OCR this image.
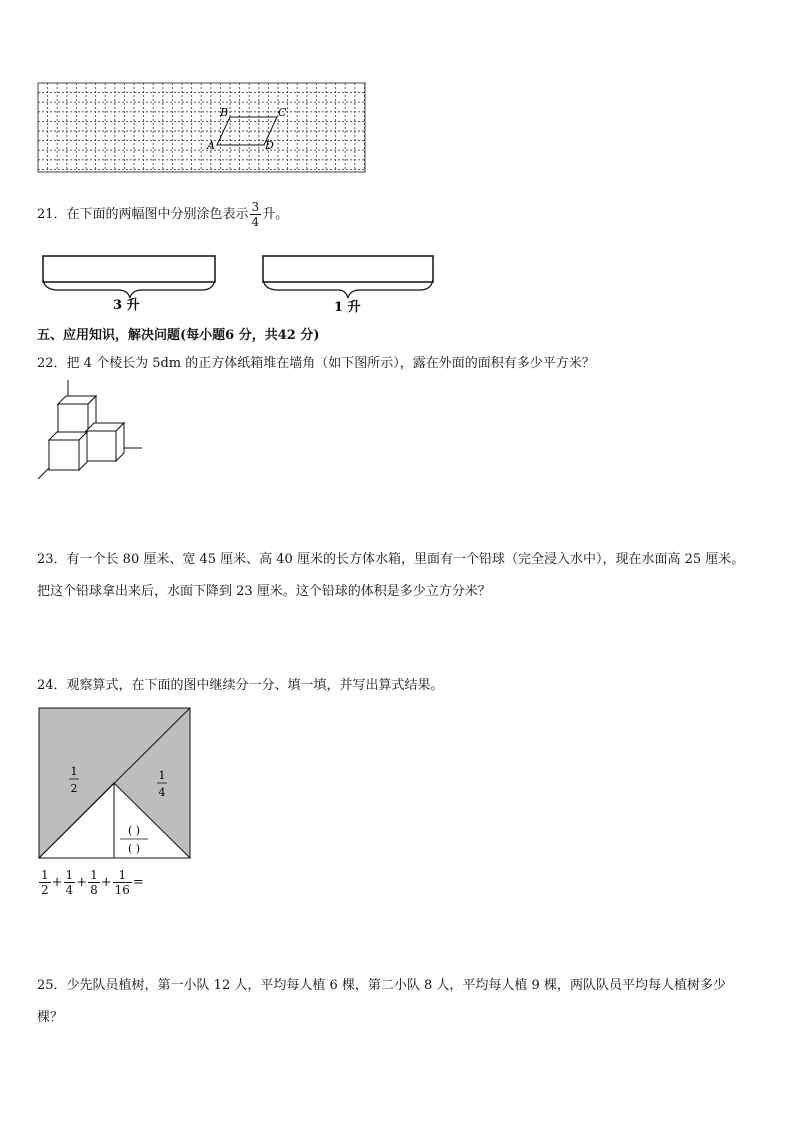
B	C
A	D
21．在下面的两幅图中分别涂色表示 $\frac{3}{4}$ 升。
3 升	1 升
五、应用知识，解决问题(每小题6 分，共42 分)
22．把 4 个棱长为 5dm 的正方体纸箱堆在墙角（如下图所示），露在外面的面积有多少平方米？
23．有一个长 80 厘米、宽 45 厘米、高 40 厘米的长方体水箱，里面有一个铅球（完全浸入水中），现在水面高 25 厘米。
把这个铅球拿出来后，水面下降到 23 厘米。这个铅球的体积是多少立方分米？
24．观察算式，在下面的图中继续分一分、填一填，并写出算式结果。
1
2
1
4
( )
( )
$\frac{1}{2} + \frac{1}{4} + \frac{1}{8} + \frac{1}{16}$ =
25．少先队员植树，第一小队 12 人，平均每人植 6 棵，第二小队 8 人，平均每人植 9 棵，两队队员平均每人植树多少
棵？
